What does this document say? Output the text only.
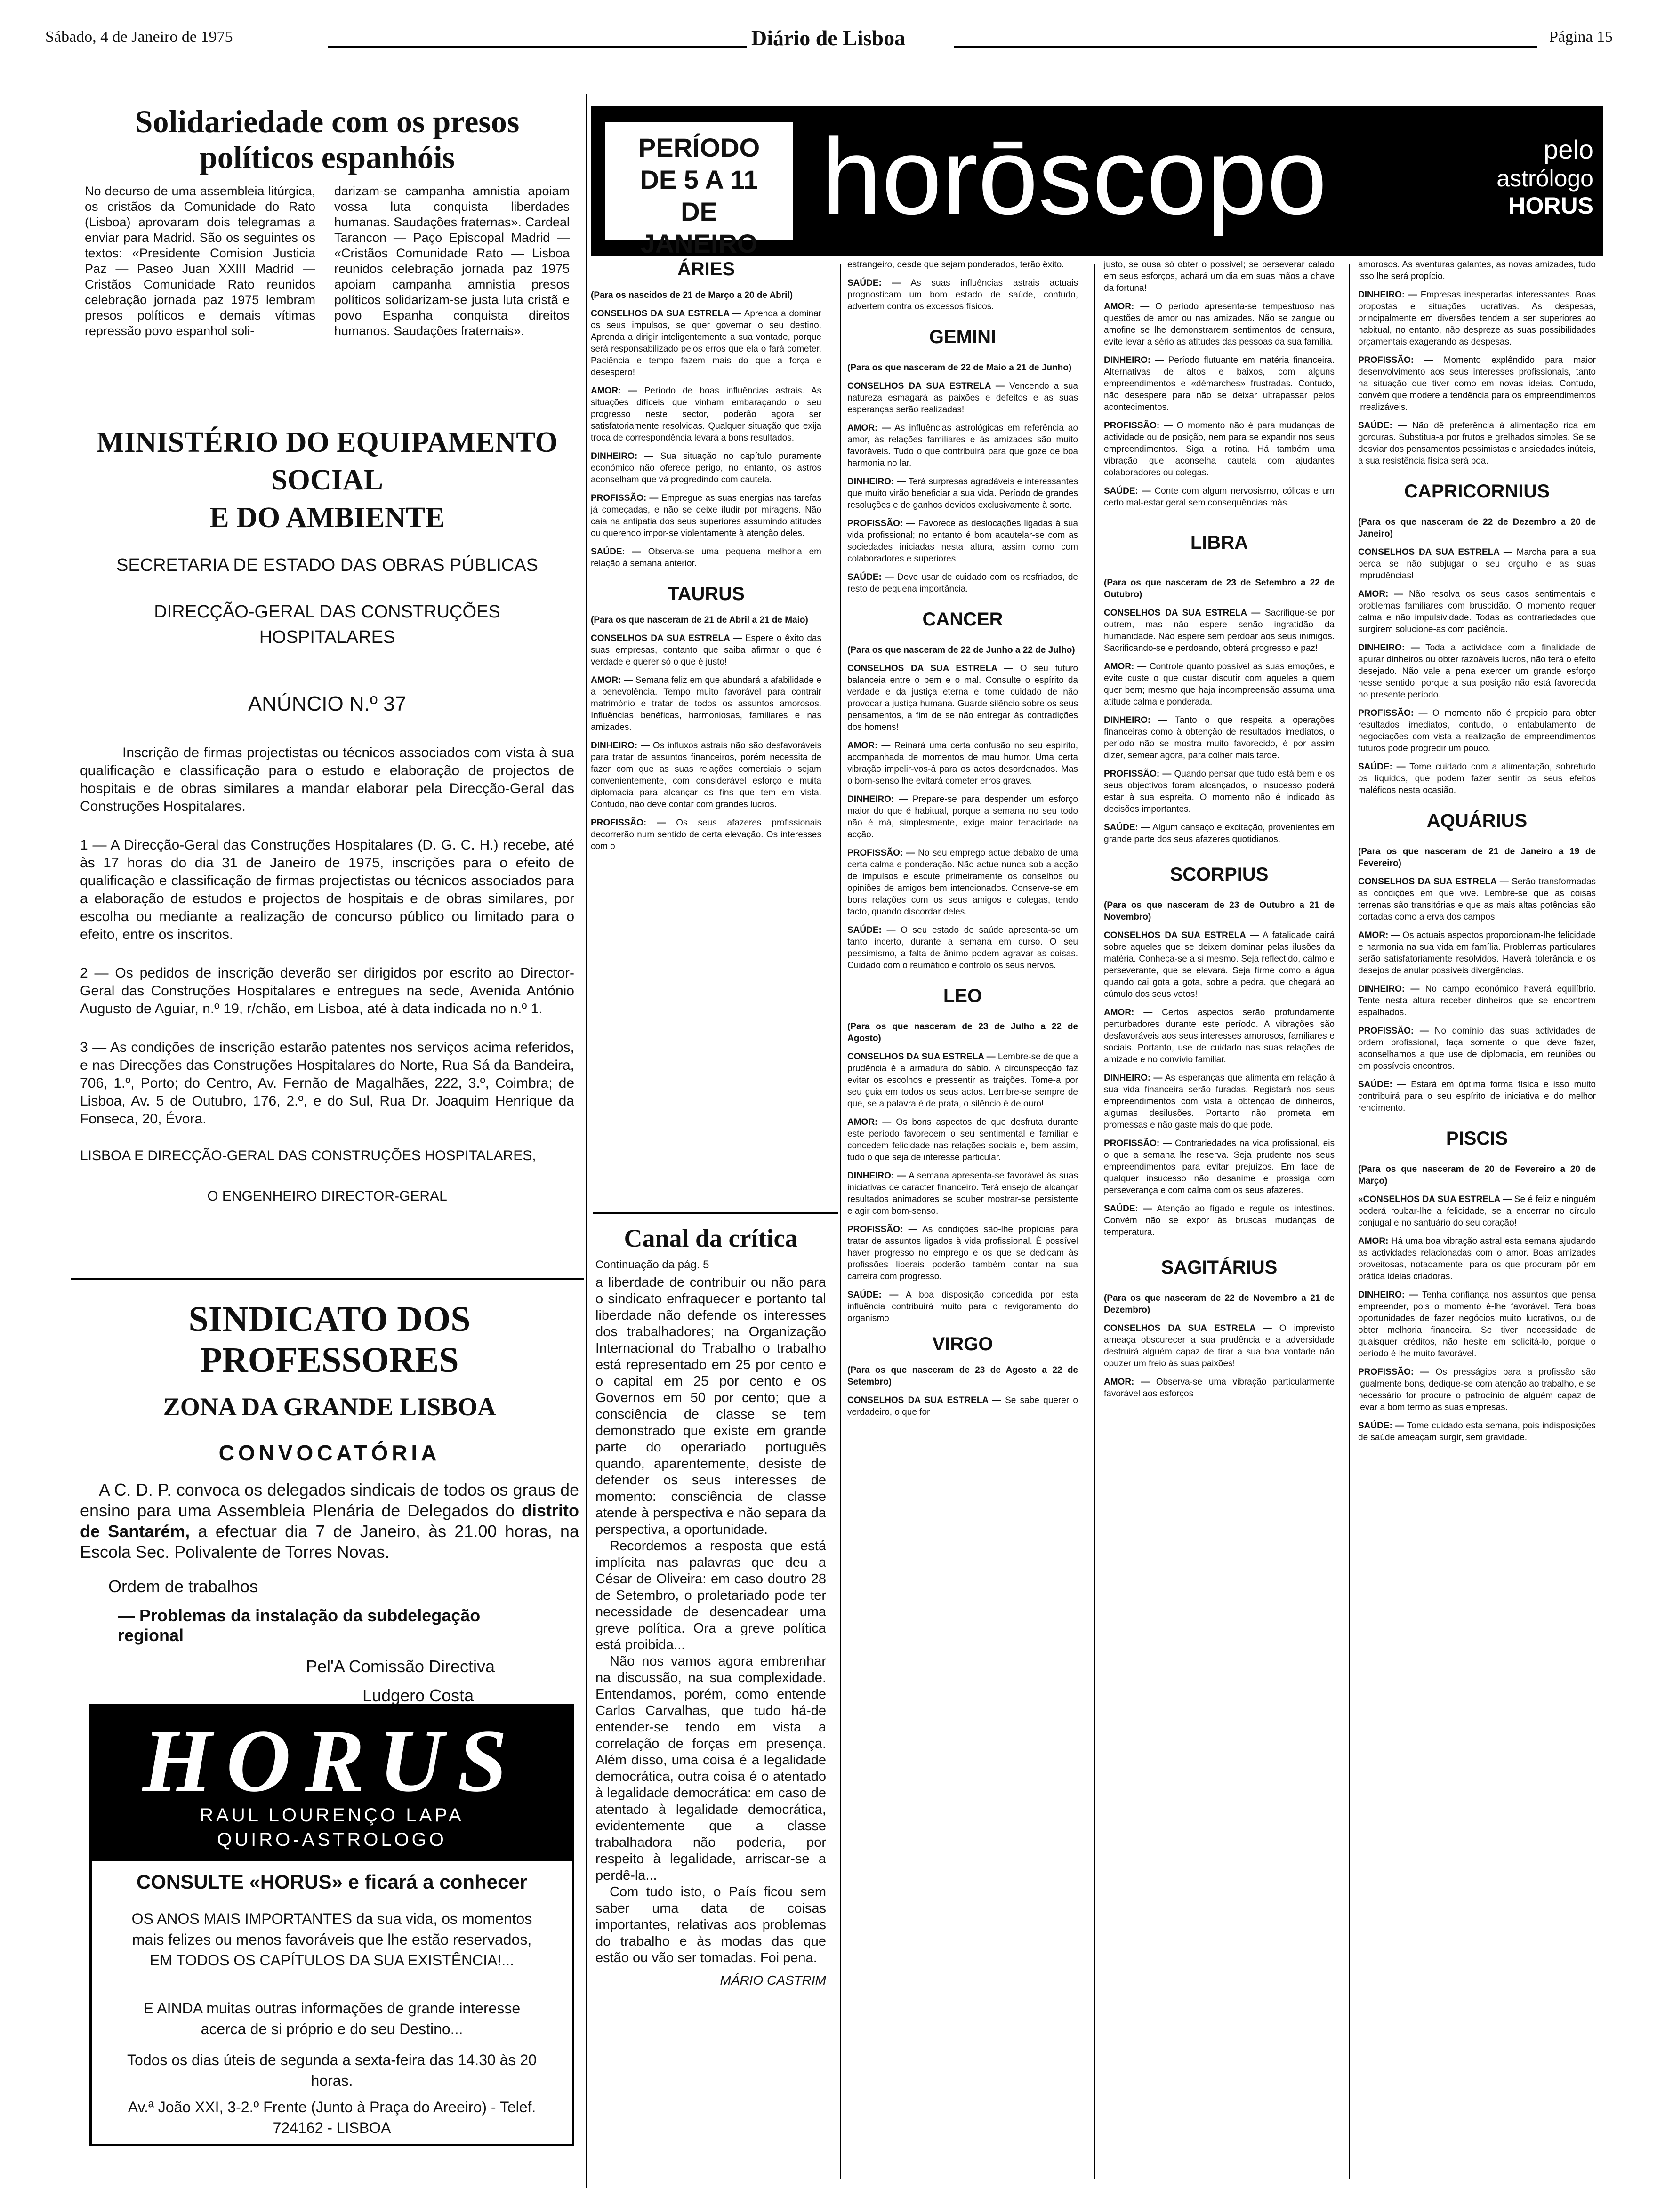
Sábado, 4 de Janeiro de 1975	Diário de Lisboa	Página 15
Solidariedade com os presos políticos espanhóis
No decurso de uma assembleia litúrgica, os cristãos da Comunidade do Rato (Lisboa) aprovaram dois telegramas a enviar para Madrid. São os seguintes os textos: «Presidente Comision Justicia Paz — Paseo Juan XXIII Madrid — Cristãos Comunidade Rato reunidos celebração jornada paz 1975 lembram presos políticos e demais vítimas repressão povo espanhol soli-
darizam-se campanha amnistia apoiam vossa luta conquista liberdades humanas. Saudações fraternas». Cardeal Tarancon — Paço Episcopal Madrid — «Cristãos Comunidade Rato — Lisboa reunidos celebração jornada paz 1975 apoiam campanha amnistia presos políticos solidarizam-se justa luta cristã e povo Espanha conquista direitos humanos. Saudações fraternais».
MINISTÉRIO DO EQUIPAMENTO SOCIAL
E DO AMBIENTE
SECRETARIA DE ESTADO DAS OBRAS PÚBLICAS
DIRECÇÃO-GERAL DAS CONSTRUÇÕES HOSPITALARES
ANÚNCIO N.º 37
Inscrição de firmas projectistas ou técnicos associados com vista à sua qualificação e classificação para o estudo e elaboração de projectos de hospitais e de obras similares a mandar elaborar pela Direcção-Geral das Construções Hospitalares.
1 — A Direcção-Geral das Construções Hospitalares (D. G. C. H.) recebe, até às 17 horas do dia 31 de Janeiro de 1975, inscrições para o efeito de qualificação e classificação de firmas projectistas ou técnicos associados para a elaboração de estudos e projectos de hospitais e de obras similares, por escolha ou mediante a realização de concurso público ou limitado para o efeito, entre os inscritos.
2 — Os pedidos de inscrição deverão ser dirigidos por escrito ao Director-Geral das Construções Hospitalares e entregues na sede, Avenida António Augusto de Aguiar, n.º 19, r/chão, em Lisboa, até à data indicada no n.º 1.
3 — As condições de inscrição estarão patentes nos serviços acima referidos, e nas Direcções das Construções Hospitalares do Norte, Rua Sá da Bandeira, 706, 1.º, Porto; do Centro, Av. Fernão de Magalhães, 222, 3.º, Coimbra; de Lisboa, Av. 5 de Outubro, 176, 2.º, e do Sul, Rua Dr. Joaquim Henrique da Fonseca, 20, Évora.
LISBOA E DIRECÇÃO-GERAL DAS CONSTRUÇÕES HOSPITALARES,
O ENGENHEIRO DIRECTOR-GERAL
SINDICATO DOS PROFESSORES
ZONA DA GRANDE LISBOA
CONVOCATÓRIA
A C. D. P. convoca os delegados sindicais de todos os graus de ensino para uma Assembleia Plenária de Delegados do distrito de Santarém, a efectuar dia 7 de Janeiro, às 21.00 horas, na Escola Sec. Polivalente de Torres Novas.
Ordem de trabalhos
— Problemas da instalação da subdelegação regional
Pel'A Comissão Directiva
Ludgero Costa
HORUS
RAUL LOURENÇO LAPA
QUIRO-ASTROLOGO
CONSULTE «HORUS» e ficará a conhecer
OS ANOS MAIS IMPORTANTES da sua vida, os momentos mais felizes ou menos favoráveis que lhe estão reservados, EM TODOS OS CAPÍTULOS DA SUA EXISTÊNCIA!...
E AINDA muitas outras informações de grande interesse acerca de si próprio e do seu Destino...
Todos os dias úteis de segunda a sexta-feira das 14.30 às 20 horas.
Av.ª João XXI, 3-2.º Frente (Junto à Praça do Areeiro) - Telef. 724162 - LISBOA
PERÍODO DE 5 A 11 DE JANEIRO
horōscopo	pelo
astrólogo
HORUS
ÁRIES
(Para os nascidos de 21 de Março a 20 de Abril)
CONSELHOS DA SUA ESTRELA — Aprenda a dominar os seus impulsos, se quer governar o seu destino. Aprenda a dirigir inteligentemente a sua vontade, porque será responsabilizado pelos erros que ela o fará cometer. Paciência e tempo fazem mais do que a força e desespero!
AMOR: — Período de boas influências astrais. As situações difíceis que vinham embaraçando o seu progresso neste sector, poderão agora ser satisfatoriamente resolvidas. Qualquer situação que exija troca de correspondência levará a bons resultados.
DINHEIRO: — Sua situação no capítulo puramente económico não oferece perigo, no entanto, os astros aconselham que vá progredindo com cautela.
PROFISSÃO: — Empregue as suas energias nas tarefas já começadas, e não se deixe iludir por miragens. Não caia na antipatia dos seus superiores assumindo atitudes ou querendo impor-se violentamente à atenção deles.
SAÚDE: — Observa-se uma pequena melhoria em relação à semana anterior.
TAURUS
(Para os que nasceram de 21 de Abril a 21 de Maio)
CONSELHOS DA SUA ESTRELA — Espere o êxito das suas empresas, contanto que saiba afirmar o que é verdade e querer só o que é justo!
AMOR: — Semana feliz em que abundará a afabilidade e a benevolência. Tempo muito favorável para contrair matrimónio e tratar de todos os assuntos amorosos. Influências benéficas, harmoniosas, familiares e nas amizades.
DINHEIRO: — Os influxos astrais não são desfavoráveis para tratar de assuntos financeiros, porém necessita de fazer com que as suas relações comerciais o sejam convenientemente, com considerável esforço e muita diplomacia para alcançar os fins que tem em vista. Contudo, não deve contar com grandes lucros.
PROFISSÃO: — Os seus afazeres profissionais decorrerão num sentido de certa elevação. Os interesses com o
Canal da crítica
Continuação da pág. 5
a liberdade de contribuir ou não para o sindicato enfraquecer e portanto tal liberdade não defende os interesses dos trabalhadores; na Organização Internacional do Trabalho o trabalho está representado em 25 por cento e o capital em 25 por cento e os Governos em 50 por cento; que a consciência de classe se tem demonstrado que existe em grande parte do operariado português quando, aparentemente, desiste de defender os seus interesses de momento: consciência de classe atende à perspectiva e não separa da perspectiva, a oportunidade.
Recordemos a resposta que está implícita nas palavras que deu a César de Oliveira: em caso doutro 28 de Setembro, o proletariado pode ter necessidade de desencadear uma greve política. Ora a greve política está proibida...
Não nos vamos agora embrenhar na discussão, na sua complexidade. Entendamos, porém, como entende Carlos Carvalhas, que tudo há-de entender-se tendo em vista a correlação de forças em presença. Além disso, uma coisa é a legalidade democrática, outra coisa é o atentado à legalidade democrática: em caso de atentado à legalidade democrática, evidentemente que a classe trabalhadora não poderia, por respeito à legalidade, arriscar-se a perdê-la...
Com tudo isto, o País ficou sem saber uma data de coisas importantes, relativas aos problemas do trabalho e às modas das que estão ou vão ser tomadas. Foi pena.
MÁRIO CASTRIM
estrangeiro, desde que sejam ponderados, terão êxito.
SAÚDE: — As suas influências astrais actuais prognosticam um bom estado de saúde, contudo, advertem contra os excessos físicos.
GEMINI
(Para os que nasceram de 22 de Maio a 21 de Junho)
CONSELHOS DA SUA ESTRELA — Vencendo a sua natureza esmagará as paixões e defeitos e as suas esperanças serão realizadas!
AMOR: — As influências astrológicas em referência ao amor, às relações familiares e às amizades são muito favoráveis. Tudo o que contribuirá para que goze de boa harmonia no lar.
DINHEIRO: — Terá surpresas agradáveis e interessantes que muito virão beneficiar a sua vida. Período de grandes resoluções e de ganhos devidos exclusivamente à sorte.
PROFISSÃO: — Favorece as deslocações ligadas à sua vida profissional; no entanto é bom acautelar-se com as sociedades iniciadas nesta altura, assim como com colaboradores e superiores.
SAÚDE: — Deve usar de cuidado com os resfriados, de resto de pequena importância.
CANCER
(Para os que nasceram de 22 de Junho a 22 de Julho)
CONSELHOS DA SUA ESTRELA — O seu futuro balanceia entre o bem e o mal. Consulte o espírito da verdade e da justiça eterna e tome cuidado de não provocar a justiça humana. Guarde silêncio sobre os seus pensamentos, a fim de se não entregar às contradições dos homens!
AMOR: — Reinará uma certa confusão no seu espírito, acompanhada de momentos de mau humor. Uma certa vibração impelir-vos-á para os actos desordenados. Mas o bom-senso lhe evitará cometer erros graves.
DINHEIRO: — Prepare-se para despender um esforço maior do que é habitual, porque a semana no seu todo não é má, simplesmente, exige maior tenacidade na acção.
PROFISSÃO: — No seu emprego actue debaixo de uma certa calma e ponderação. Não actue nunca sob a acção de impulsos e escute primeiramente os conselhos ou opiniões de amigos bem intencionados. Conserve-se em bons relações com os seus amigos e colegas, tendo tacto, quando discordar deles.
SAÚDE: — O seu estado de saúde apresenta-se um tanto incerto, durante a semana em curso. O seu pessimismo, a falta de ânimo podem agravar as coisas. Cuidado com o reumático e controlo os seus nervos.
LEO
(Para os que nasceram de 23 de Julho a 22 de Agosto)
CONSELHOS DA SUA ESTRELA — Lembre-se de que a prudência é a armadura do sábio. A circunspecção faz evitar os escolhos e pressentir as traições. Tome-a por seu guia em todos os seus actos. Lembre-se sempre de que, se a palavra é de prata, o silêncio é de ouro!
AMOR: — Os bons aspectos de que desfruta durante este período favorecem o seu sentimental e familiar e concedem felicidade nas relações sociais e, bem assim, tudo o que seja de interesse particular.
DINHEIRO: — A semana apresenta-se favorável às suas iniciativas de carácter financeiro. Terá ensejo de alcançar resultados animadores se souber mostrar-se persistente e agir com bom-senso.
PROFISSÃO: — As condições são-lhe propícias para tratar de assuntos ligados à vida profissional. É possível haver progresso no emprego e os que se dedicam às profissões liberais poderão também contar na sua carreira com progresso.
SAÚDE: — A boa disposição concedida por esta influência contribuirá muito para o revigoramento do organismo
VIRGO
(Para os que nasceram de 23 de Agosto a 22 de Setembro)
CONSELHOS DA SUA ESTRELA — Se sabe querer o verdadeiro, o que for
justo, se ousa só obter o possível; se perseverar calado em seus esforços, achará um dia em suas mãos a chave da fortuna!
AMOR: — O período apresenta-se tempestuoso nas questões de amor ou nas amizades. Não se zangue ou amofine se lhe demonstrarem sentimentos de censura, evite levar a sério as atitudes das pessoas da sua família.
DINHEIRO: — Período flutuante em matéria financeira. Alternativas de altos e baixos, com alguns empreendimentos e «démarches» frustradas. Contudo, não desespere para não se deixar ultrapassar pelos acontecimentos.
PROFISSÃO: — O momento não é para mudanças de actividade ou de posição, nem para se expandir nos seus empreendimentos. Siga a rotina. Há também uma vibração que aconselha cautela com ajudantes colaboradores ou colegas.
SAÚDE: — Conte com algum nervosismo, cólicas e um certo mal-estar geral sem consequências más.
LIBRA
(Para os que nasceram de 23 de Setembro a 22 de Outubro)
CONSELHOS DA SUA ESTRELA — Sacrifique-se por outrem, mas não espere senão ingratidão da humanidade. Não espere sem perdoar aos seus inimigos. Sacrificando-se e perdoando, obterá progresso e paz!
AMOR: — Controle quanto possível as suas emoções, e evite custe o que custar discutir com aqueles a quem quer bem; mesmo que haja incompreensão assuma uma atitude calma e ponderada.
DINHEIRO: — Tanto o que respeita a operações financeiras como à obtenção de resultados imediatos, o período não se mostra muito favorecido, é por assim dizer, semear agora, para colher mais tarde.
PROFISSÃO: — Quando pensar que tudo está bem e os seus objectivos foram alcançados, o insucesso poderá estar à sua espreita. O momento não é indicado às decisões importantes.
SAÚDE: — Algum cansaço e excitação, provenientes em grande parte dos seus afazeres quotidianos.
SCORPIUS
(Para os que nasceram de 23 de Outubro a 21 de Novembro)
CONSELHOS DA SUA ESTRELA — A fatalidade cairá sobre aqueles que se deixem dominar pelas ilusões da matéria. Conheça-se a si mesmo. Seja reflectido, calmo e perseverante, que se elevará. Seja firme como a água quando cai gota a gota, sobre a pedra, que chegará ao cúmulo dos seus votos!
AMOR: — Certos aspectos serão profundamente perturbadores durante este período. A vibrações são desfavoráveis aos seus interesses amorosos, familiares e sociais. Portanto, use de cuidado nas suas relações de amizade e no convívio familiar.
DINHEIRO: — As esperanças que alimenta em relação à sua vida financeira serão furadas. Registará nos seus empreendimentos com vista a obtenção de dinheiros, algumas desilusões. Portanto não prometa em promessas e não gaste mais do que pode.
PROFISSÃO: — Contrariedades na vida profissional, eis o que a semana lhe reserva. Seja prudente nos seus empreendimentos para evitar prejuízos. Em face de qualquer insucesso não desanime e prossiga com perseverança e com calma com os seus afazeres.
SAÚDE: — Atenção ao fígado e regule os intestinos. Convém não se expor às bruscas mudanças de temperatura.
SAGITÁRIUS
(Para os que nasceram de 22 de Novembro a 21 de Dezembro)
CONSELHOS DA SUA ESTRELA — O imprevisto ameaça obscurecer a sua prudência e a adversidade destruirá alguém capaz de tirar a sua boa vontade não opuzer um freio às suas paixões!
AMOR: — Observa-se uma vibração particularmente favorável aos esforços
amorosos. As aventuras galantes, as novas amizades, tudo isso lhe será propício.
DINHEIRO: — Empresas inesperadas interessantes. Boas propostas e situações lucrativas. As despesas, principalmente em diversões tendem a ser superiores ao habitual, no entanto, não despreze as suas possibilidades orçamentais exagerando as despesas.
PROFISSÃO: — Momento explêndido para maior desenvolvimento aos seus interesses profissionais, tanto na situação que tiver como em novas ideias. Contudo, convém que modere a tendência para os empreendimentos irrealizáveis.
SAÚDE: — Não dê preferência à alimentação rica em gorduras. Substitua-a por frutos e grelhados simples. Se se desviar dos pensamentos pessimistas e ansiedades inúteis, a sua resistência física será boa.
CAPRICORNIUS
(Para os que nasceram de 22 de Dezembro a 20 de Janeiro)
CONSELHOS DA SUA ESTRELA — Marcha para a sua perda se não subjugar o seu orgulho e as suas imprudências!
AMOR: — Não resolva os seus casos sentimentais e problemas familiares com bruscidão. O momento requer calma e não impulsividade. Todas as contrariedades que surgirem solucione-as com paciência.
DINHEIRO: — Toda a actividade com a finalidade de apurar dinheiros ou obter razoáveis lucros, não terá o efeito desejado. Não vale a pena exercer um grande esforço nesse sentido, porque a sua posição não está favorecida no presente período.
PROFISSÃO: — O momento não é propício para obter resultados imediatos, contudo, o entabulamento de negociações com vista a realização de empreendimentos futuros pode progredir um pouco.
SAÚDE: — Tome cuidado com a alimentação, sobretudo os líquidos, que podem fazer sentir os seus efeitos maléficos nesta ocasião.
AQUÁRIUS
(Para os que nasceram de 21 de Janeiro a 19 de Fevereiro)
CONSELHOS DA SUA ESTRELA — Serão transformadas as condições em que vive. Lembre-se que as coisas terrenas são transitórias e que as mais altas potências são cortadas como a erva dos campos!
AMOR: — Os actuais aspectos proporcionam-lhe felicidade e harmonia na sua vida em família. Problemas particulares serão satisfatoriamente resolvidos. Haverá tolerância e os desejos de anular possíveis divergências.
DINHEIRO: — No campo económico haverá equilíbrio. Tente nesta altura receber dinheiros que se encontrem espalhados.
PROFISSÃO: — No domínio das suas actividades de ordem profissional, faça somente o que deve fazer, aconselhamos a que use de diplomacia, em reuniões ou em possíveis encontros.
SAÚDE: — Estará em óptima forma física e isso muito contribuirá para o seu espírito de iniciativa e do melhor rendimento.
PISCIS
(Para os que nasceram de 20 de Fevereiro a 20 de Março)
«CONSELHOS DA SUA ESTRELA — Se é feliz e ninguém poderá roubar-lhe a felicidade, se a encerrar no círculo conjugal e no santuário do seu coração!
AMOR: Há uma boa vibração astral esta semana ajudando as actividades relacionadas com o amor. Boas amizades proveitosas, notadamente, para os que procuram pôr em prática ideias criadoras.
DINHEIRO: — Tenha confiança nos assuntos que pensa empreender, pois o momento é-lhe favorável. Terá boas oportunidades de fazer negócios muito lucrativos, ou de obter melhoria financeira. Se tiver necessidade de quaisquer créditos, não hesite em solicitá-lo, porque o período é-lhe muito favorável.
PROFISSÃO: — Os presságios para a profissão são igualmente bons, dedique-se com atenção ao trabalho, e se necessário for procure o patrocínio de alguém capaz de levar a bom termo as suas empresas.
SAÚDE: — Tome cuidado esta semana, pois indisposições de saúde ameaçam surgir, sem gravidade.
